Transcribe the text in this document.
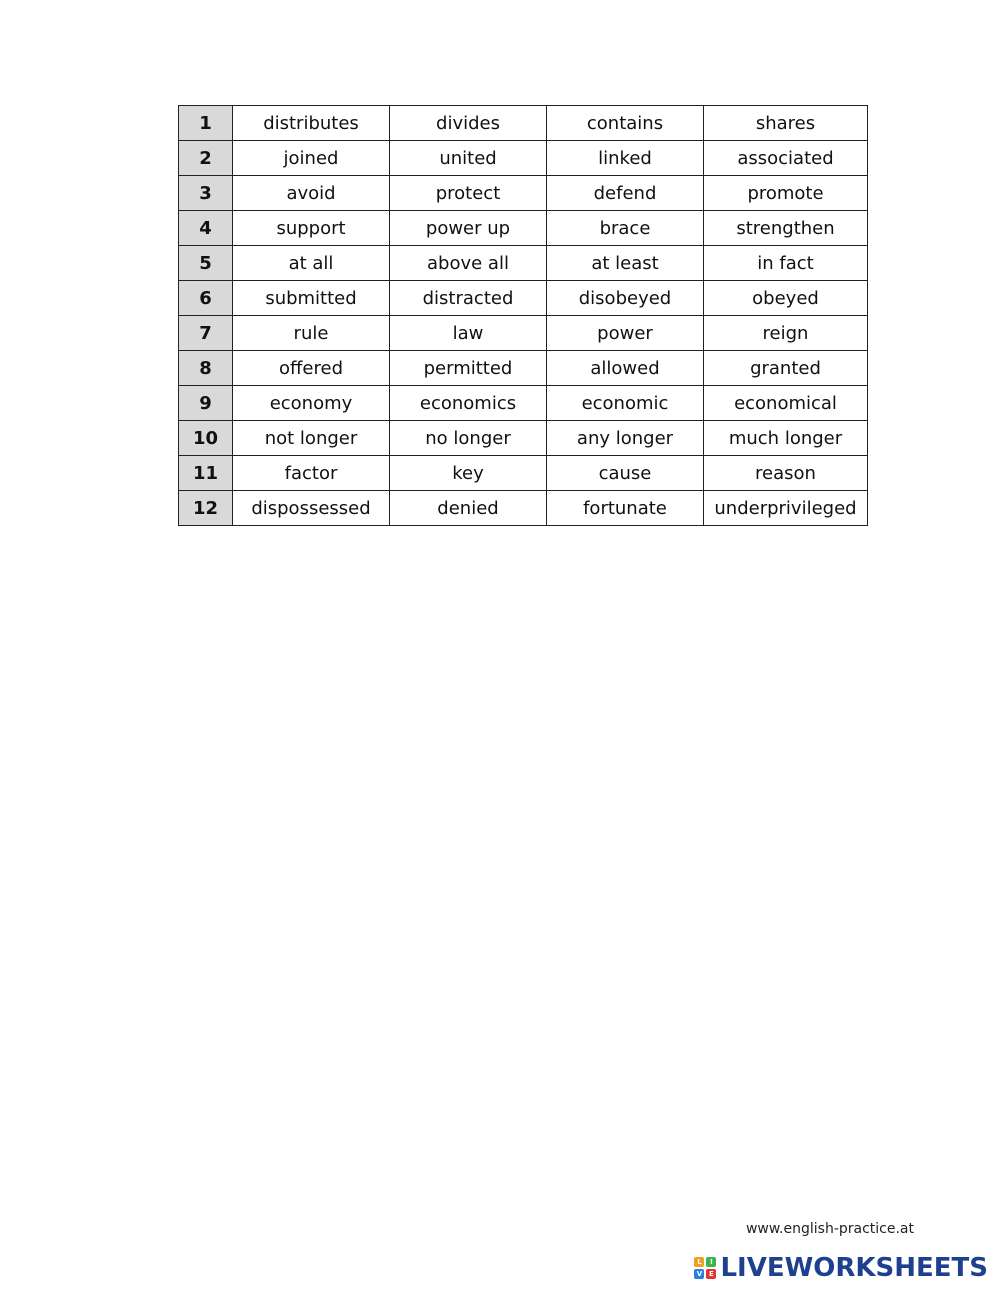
1	distributes	divides	contains	shares
2	joined	united	linked	associated
3	avoid	protect	defend	promote
4	support	power up	brace	strengthen
5	at all	above all	at least	in fact
6	submitted	distracted	disobeyed	obeyed
7	rule	law	power	reign
8	offered	permitted	allowed	granted
9	economy	economics	economic	economical
10	not longer	no longer	any longer	much longer
11	factor	key	cause	reason
12	dispossessed	denied	fortunate	underprivileged
www.english-practice.at
L	I
V E LIVEWORKSHEETS
